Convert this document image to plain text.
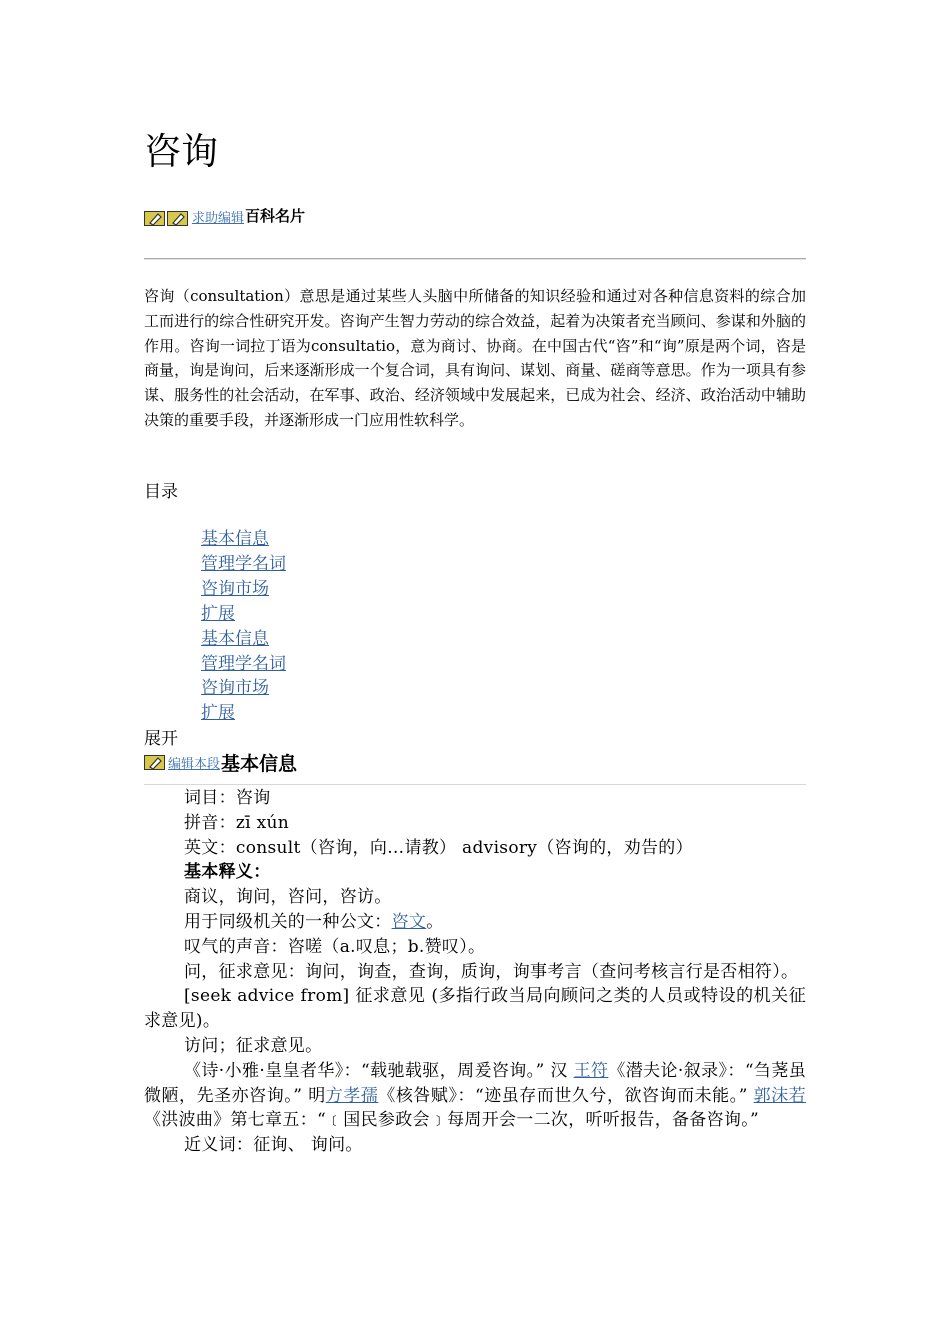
咨询
求助编辑 百科名片

咨询（consultation）意思是通过某些人头脑中所储备的知识经验和通过对各种信息资料的综合加工而进行的综合性研究开发。咨询产生智力劳动的综合效益，起着为决策者充当顾问、参谋和外脑的作用。咨询一词拉丁语为consultatio，意为商讨、协商。在中国古代“咨”和“询”原是两个词，咨是商量，询是询问，后来逐渐形成一个复合词，具有询问、谋划、商量、磋商等意思。作为一项具有参谋、服务性的社会活动，在军事、政治、经济领域中发展起来，已成为社会、经济、政治活动中辅助决策的重要手段，并逐渐形成一门应用性软科学。

目录
基本信息
管理学名词
咨询市场
扩展
基本信息
管理学名词
咨询市场
扩展
展开
编辑本段 基本信息

词目：咨询

拼音：zī xún

英文：consult（咨询，向…请教） advisory（咨询的，劝告的）

基本释义：

商议，询问，咨问，咨访。

用于同级机关的一种公文：咨文。

叹气的声音：咨嗟（a.叹息；b.赞叹）。

问，征求意见：询问，询查，查询，质询，询事考言（查问考核言行是否相符）。

[seek advice from] 征求意见 (多指行政当局向顾问之类的人员或特设的机关征求意见)。

访问；征求意见。

《诗·小雅·皇皇者华》：“载驰载驱，周爰咨询。” 汉 王符《潜夫论·叙录》：“刍荛虽微陋，先圣亦咨询。” 明方孝孺《核咎赋》：“迹虽存而世久兮，欲咨询而未能。” 郭沫若《洪波曲》第七章五：“﹝国民参政会﹞每周开会一二次，听听报告，备备咨询。”

近义词：征询、 询问。
